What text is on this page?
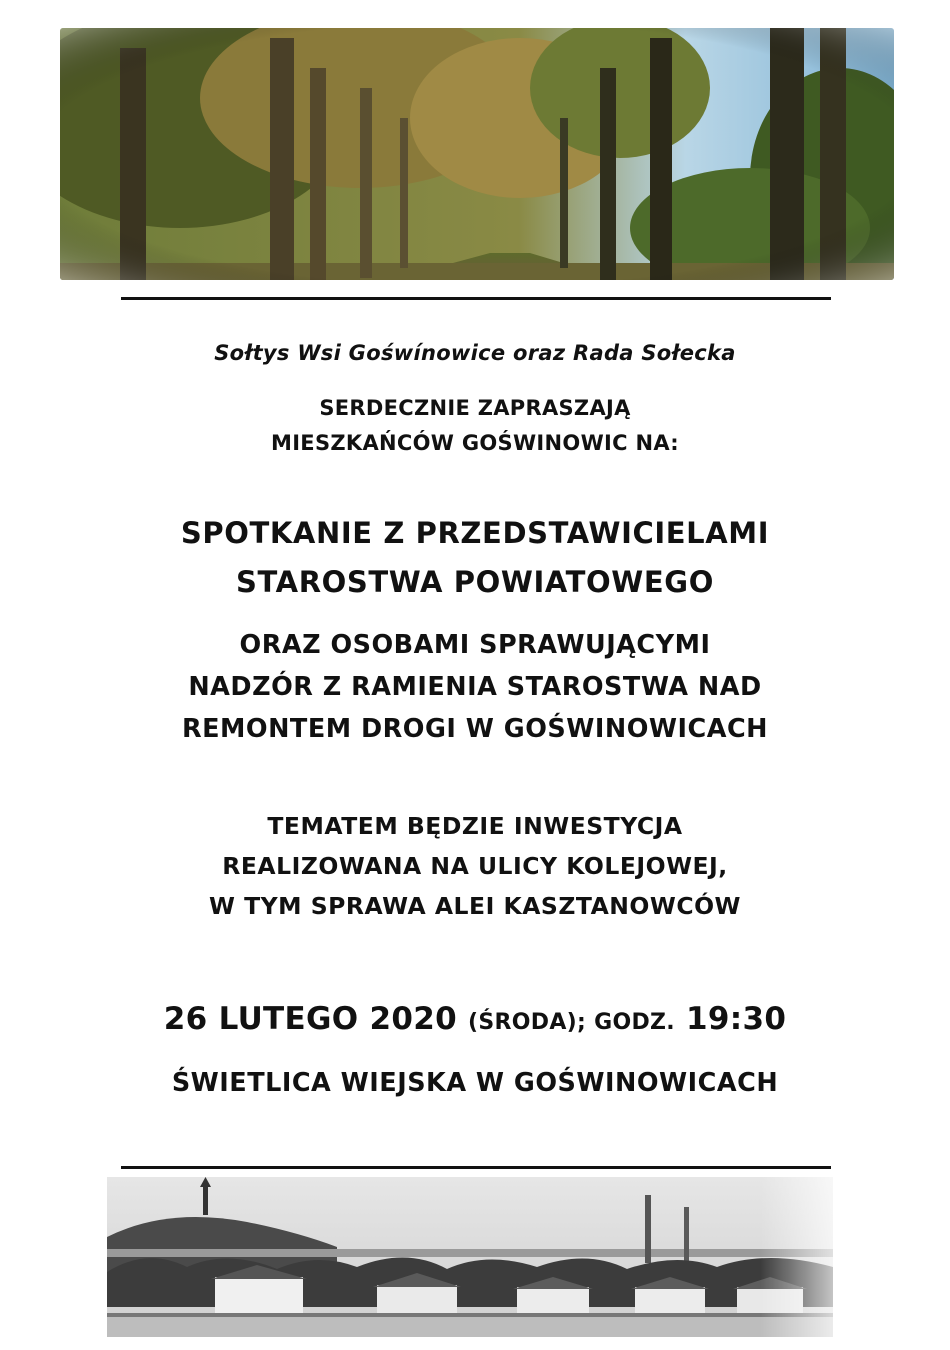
Sołtys Wsi Gośwínowice oraz Rada Sołecka
SERDECZNIE ZAPRASZAJĄ
MIESZKAŃCÓW GOŚWINOWIC NA:
SPOTKANIE Z PRZEDSTAWICIELAMI
STAROSTWA POWIATOWEGO
ORAZ OSOBAMI SPRAWUJĄCYMI
NADZÓR Z RAMIENIA STAROSTWA NAD
REMONTEM DROGI W GOŚWINOWICACH
TEMATEM BĘDZIE INWESTYCJA
REALIZOWANA NA ULICY KOLEJOWEJ,
W TYM SPRAWA ALEI KASZTANOWCÓW
26 LUTEGO 2020 (ŚRODA); GODZ. 19:30
ŚWIETLICA WIEJSKA W GOŚWINOWICACH
